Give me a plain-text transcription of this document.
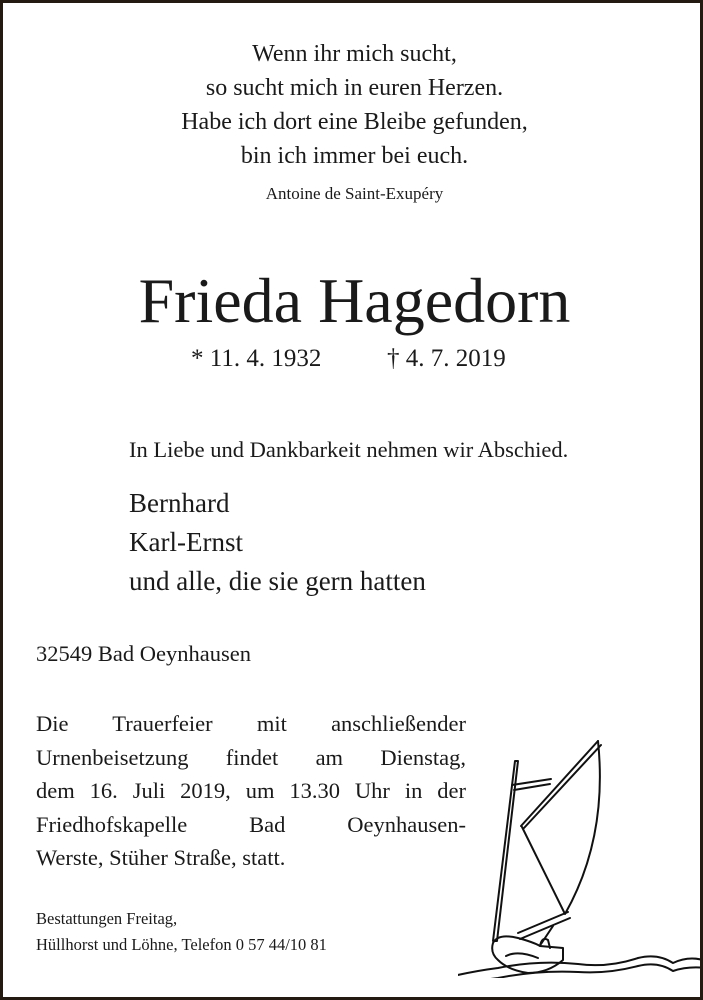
Wenn ihr mich sucht,
so sucht mich in euren Herzen.
Habe ich dort eine Bleibe gefunden,
bin ich immer bei euch.
Antoine de Saint-Exupéry
Frieda Hagedorn
* 11. 4. 1932	† 4. 7. 2019
In Liebe und Dankbarkeit nehmen wir Abschied.
Bernhard
Karl-Ernst
und alle, die sie gern hatten
32549 Bad Oeynhausen
Die Trauerfeier mit anschließender
Urnenbeisetzung findet am Dienstag,
dem 16. Juli 2019, um 13.30 Uhr in der
Friedhofskapelle Bad Oeynhausen-
Werste, Stüher Straße, statt.
Bestattungen Freitag,
Hüllhorst und Löhne, Telefon 0 57 44/10 81
